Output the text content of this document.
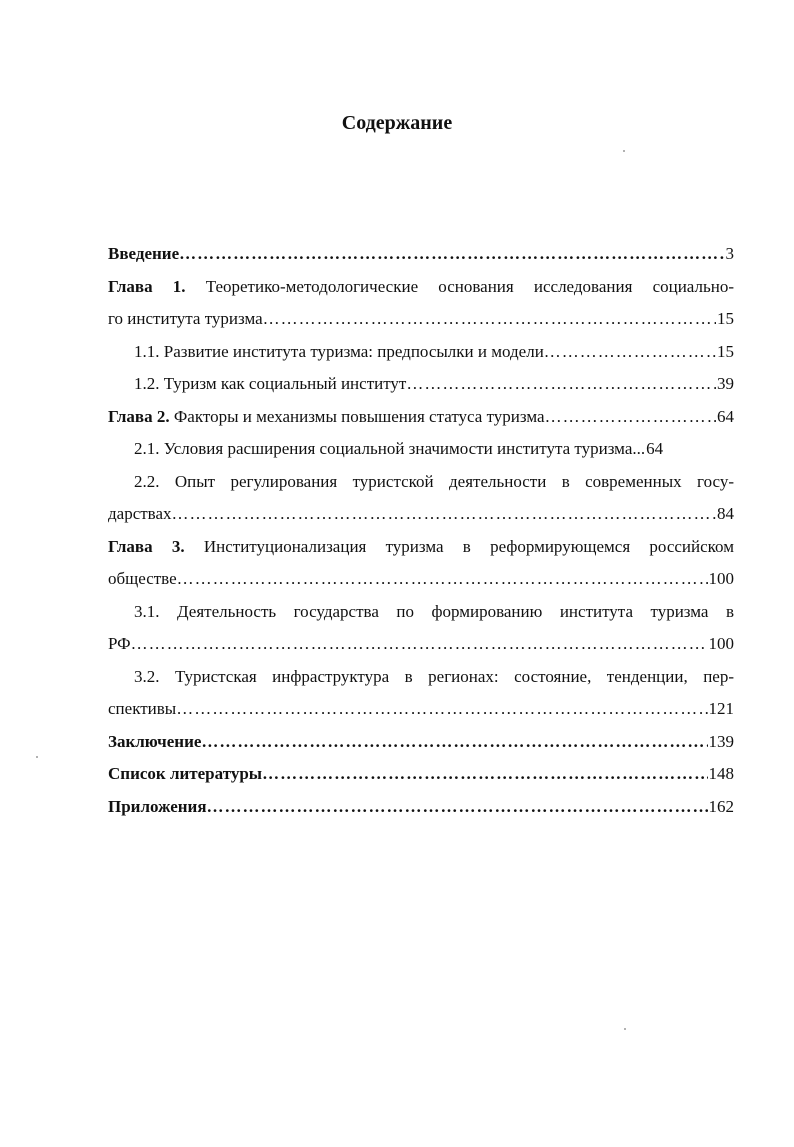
Содержание
Введение ………………………………………………………………………………………………………………………………………………………………………………………………………………	3
Глава 1. Теоретико-методологические основания исследования социально-
го института туризма ………………………………………………………………………………………………………………………………………………………………………………………………………………	15
1.1. Развитие института туризма: предпосылки и модели ………………………………………………………………………………………………………………………………………………………………………………………………………………	15
1.2. Туризм как социальный институт ………………………………………………………………………………………………………………………………………………………………………………………………………………	39
Глава 2. Факторы и механизмы повышения статуса туризма ………………………………………………………………………………………………………………………………………………………………………………………………………………	64
2.1. Условия расширения социальной значимости института туризма... 64
2.2. Опыт регулирования туристской деятельности в современных госу-
дарствах ………………………………………………………………………………………………………………………………………………………………………………………………………………	84
Глава 3. Институционализация туризма в реформирующемся российском
обществе ………………………………………………………………………………………………………………………………………………………………………………………………………………	100
3.1. Деятельность государства по формированию института туризма в
РФ ………………………………………………………………………………………………………………………………………………………………………………………………………………	100
3.2. Туристская инфраструктура в регионах: состояние, тенденции, пер-
спективы ………………………………………………………………………………………………………………………………………………………………………………………………………………	121
Заключение ………………………………………………………………………………………………………………………………………………………………………………………………………………	139
Список литературы ………………………………………………………………………………………………………………………………………………………………………………………………………………	148
Приложения ………………………………………………………………………………………………………………………………………………………………………………………………………………	162
